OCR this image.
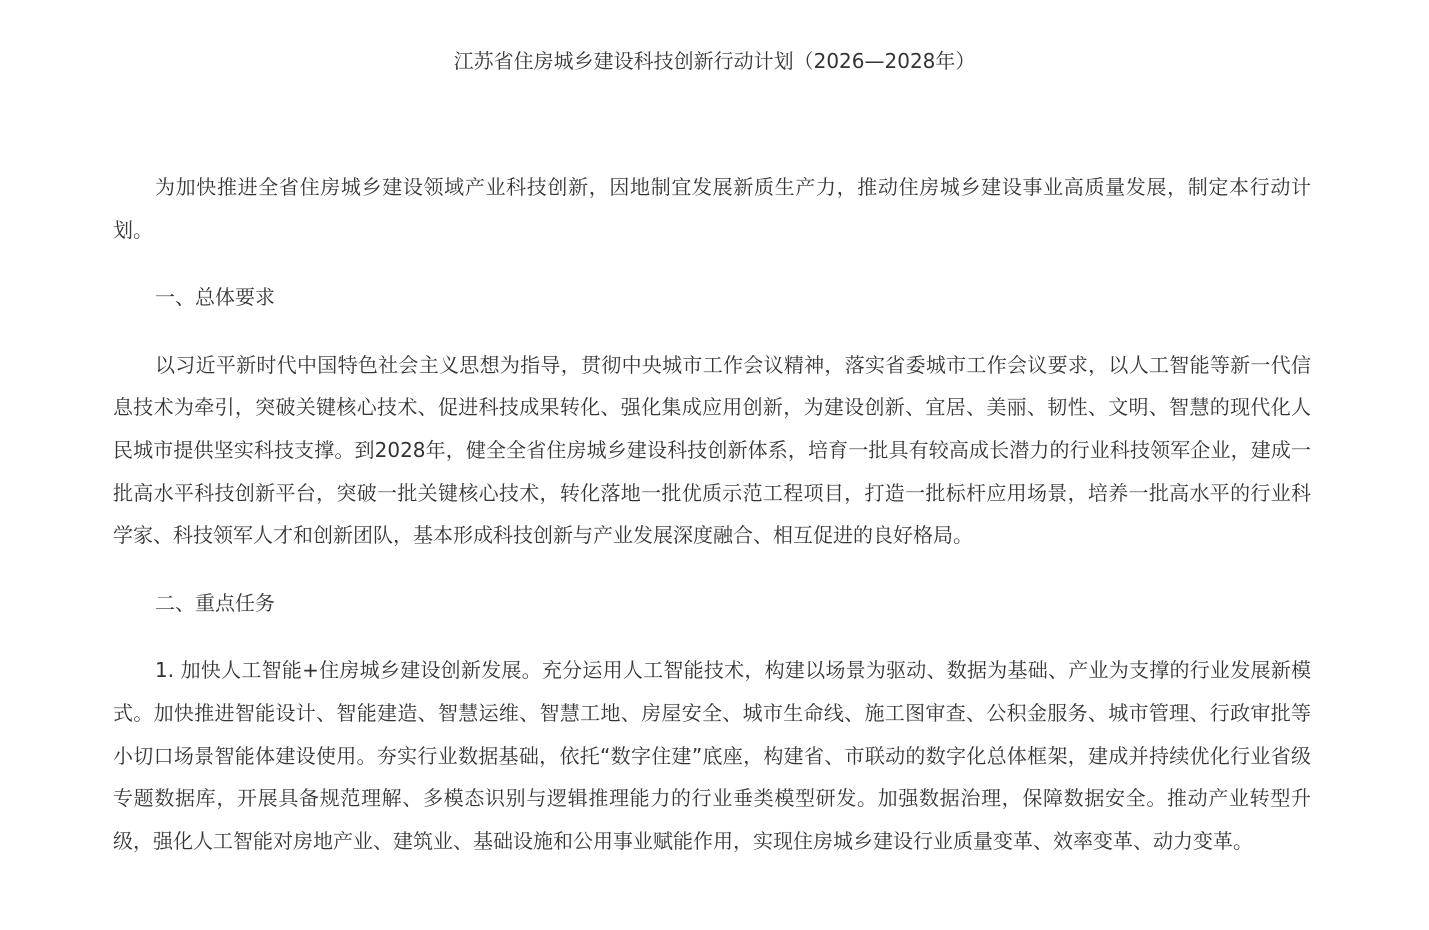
江苏省住房城乡建设科技创新行动计划（2026—2028年）

为加快推进全省住房城乡建设领域产业科技创新，因地制宜发展新质生产力，推动住房城乡建设事业高质量发展，制定本行动计划。

一、总体要求

以习近平新时代中国特色社会主义思想为指导，贯彻中央城市工作会议精神，落实省委城市工作会议要求，以人工智能等新一代信息技术为牵引，突破关键核心技术、促进科技成果转化、强化集成应用创新，为建设创新、宜居、美丽、韧性、文明、智慧的现代化人民城市提供坚实科技支撑。到2028年，健全全省住房城乡建设科技创新体系，培育一批具有较高成长潜力的行业科技领军企业，建成一批高水平科技创新平台，突破一批关键核心技术，转化落地一批优质示范工程项目，打造一批标杆应用场景，培养一批高水平的行业科学家、科技领军人才和创新团队，基本形成科技创新与产业发展深度融合、相互促进的良好格局。

二、重点任务

1. 加快人工智能+住房城乡建设创新发展。充分运用人工智能技术，构建以场景为驱动、数据为基础、产业为支撑的行业发展新模式。加快推进智能设计、智能建造、智慧运维、智慧工地、房屋安全、城市生命线、施工图审查、公积金服务、城市管理、行政审批等小切口场景智能体建设使用。夯实行业数据基础，依托“数字住建”底座，构建省、市联动的数字化总体框架，建成并持续优化行业省级专题数据库，开展具备规范理解、多模态识别与逻辑推理能力的行业垂类模型研发。加强数据治理，保障数据安全。推动产业转型升级，强化人工智能对房地产业、建筑业、基础设施和公用事业赋能作用，实现住房城乡建设行业质量变革、效率变革、动力变革。
